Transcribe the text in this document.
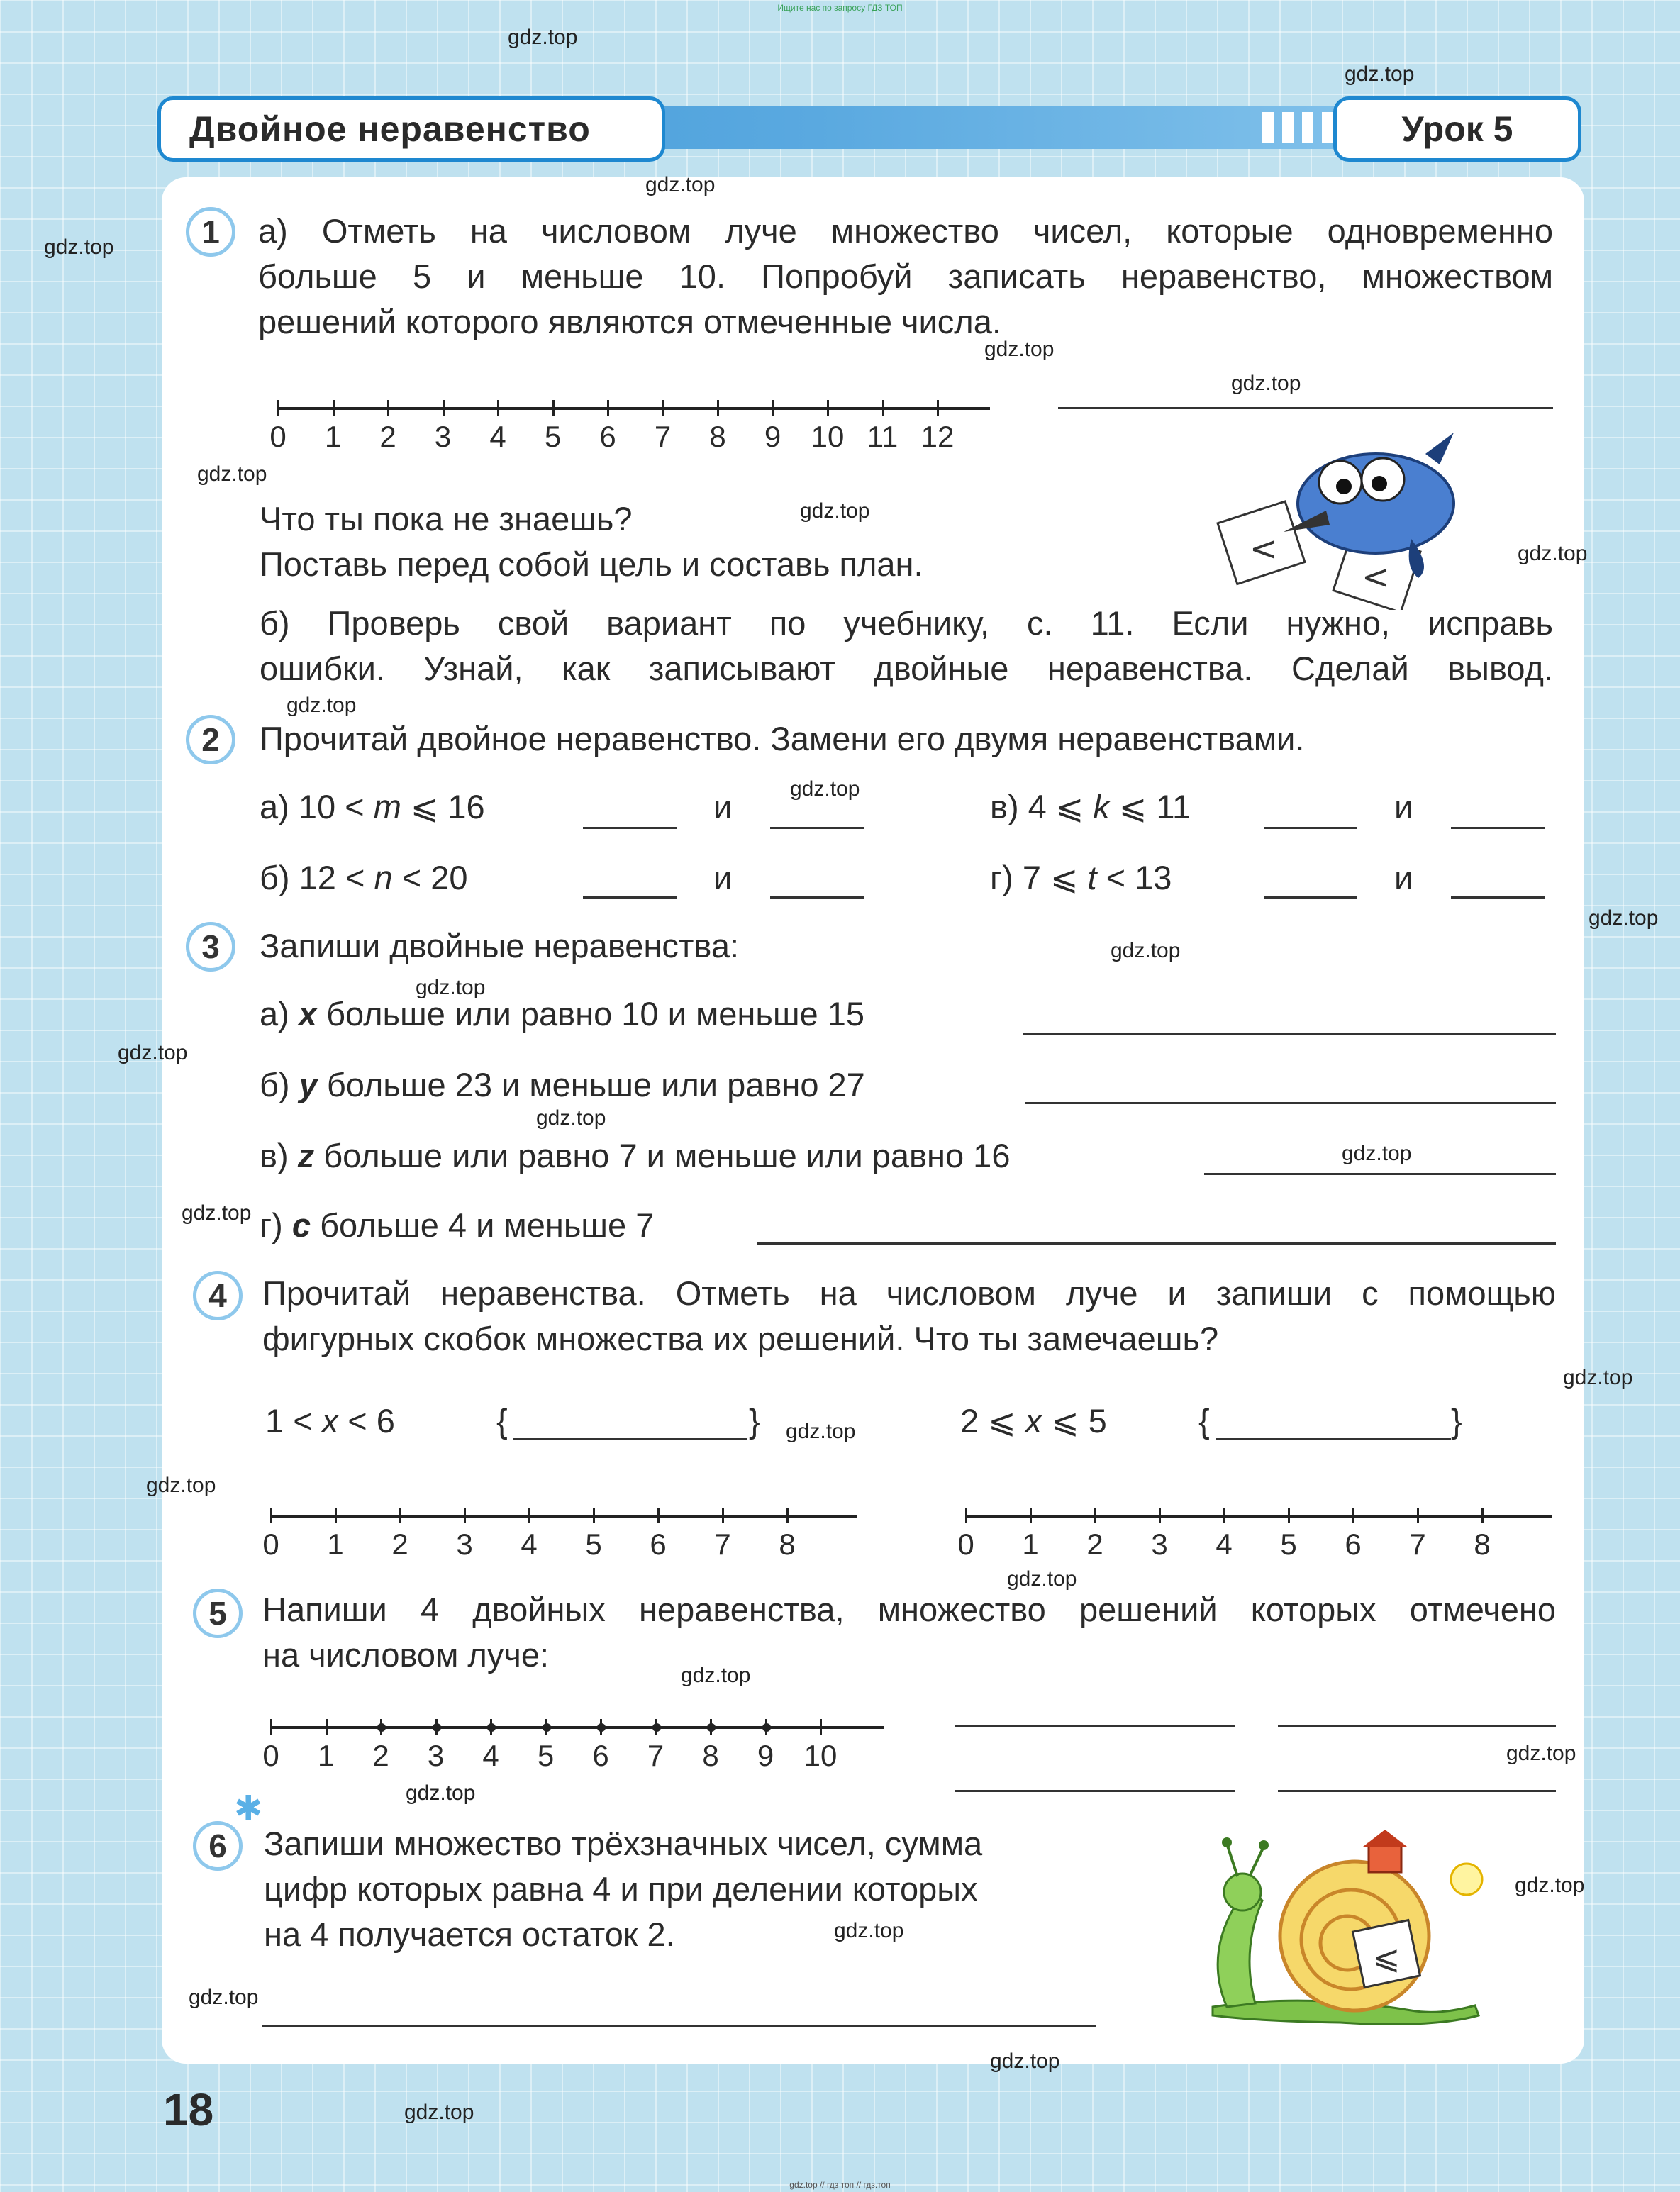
Ищите нас по запросу ГДЗ ТОП
Двойное неравенство	Урок 5
1	а) Отметь на числовом луче множество чисел, которые одновременно
больше 5 и меньше 10. Попробуй записать неравенство, множеством
решений которого являются отмеченные числа.
0	1	2	3	4	5	6	7	8	9	10 11 12
<
<
Что ты пока не знаешь?
Поставь перед собой цель и составь план.
б) Проверь свой вариант по учебнику, с. 11. Если нужно, исправь
ошибки. Узнай, как записывают двойные неравенства. Сделай вывод.
2	Прочитай двойное неравенство. Замени его двумя неравенствами.
а) 10 < m ⩽ 16	и	в) 4 ⩽ k ⩽ 11	и
б) 12 < n < 20	и	г) 7 ⩽ t < 13	и
3	Запиши двойные неравенства:
а) x больше или равно 10 и меньше 15
б) y больше 23 и меньше или равно 27
в) z больше или равно 7 и меньше или равно 16
г) c больше 4 и меньше 7
4	Прочитай неравенства. Отметь на числовом луче и запиши с помощью
фигурных скобок множества их решений. Что ты замечаешь?
1 < x < 6	{	}	2 ⩽ x ⩽ 5	{	}
0	1	2	3	4	5	6	7	8	0	1	2	3	4	5	6	7	8
5	Напиши 4 двойных неравенства, множество решений которых отмечено
на числовом луче:
0	1	2	3	4	5	6	7	8	9	10
✱
6	Запиши множество трёхзначных чисел, сумма
цифр которых равна 4 и при делении которых
на 4 получается остаток 2.
⩽
18
gdz.top
gdz.top
gdz.top
gdz.top
gdz.top
gdz.top
gdz.top
gdz.top
gdz.top
gdz.top
gdz.top
gdz.top
gdz.top
gdz.top
gdz.top
gdz.top
gdz.top
gdz.top
gdz.top
gdz.top
gdz.top
gdz.top
gdz.top
gdz.top
gdz.top
gdz.top
gdz.top
gdz.top
gdz.top
gdz.top
gdz.top // гдз топ // гдз.топ
